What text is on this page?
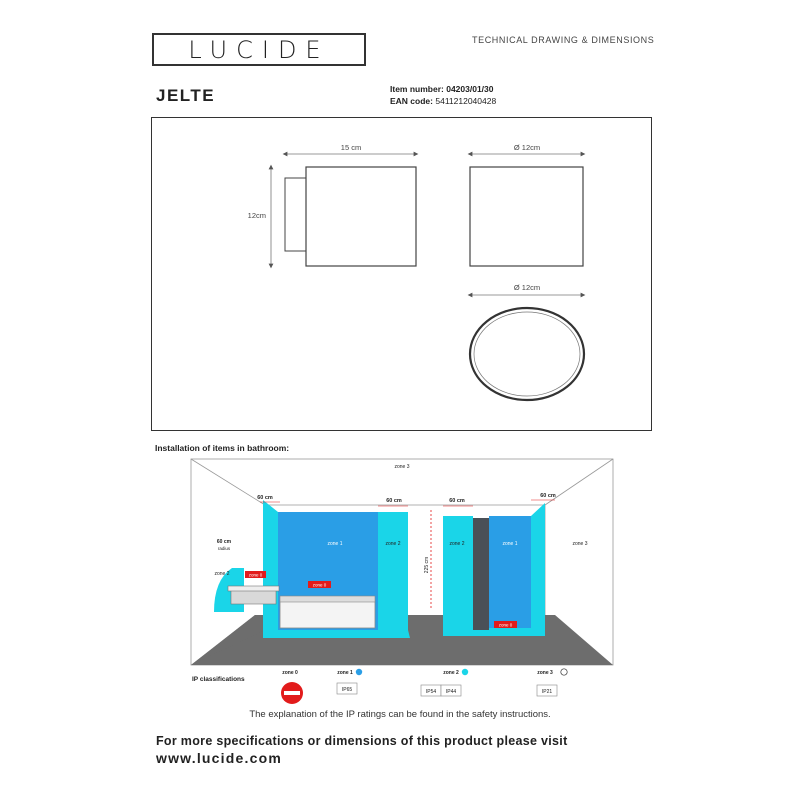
LUCIDE	TECHNICAL DRAWING & DIMENSIONS
JELTE	Item number: 04203/01/30
EAN code: 5411212040428
15 cm
12cm
Ø 12cm
Ø 12cm
Installation of items in bathroom:
225 cm
zone 3
60 cm	60 cm	60 cm
60 cm
60 cm
radius
zone 2	zone 0
zone 1	zone 2
zone 0
zone 2	zone 1	zone 3
zone 0
IP classifications
zone 0	zone 1
IP65
zone 2
IP54 IP44
zone 3
IP21
The explanation of the IP ratings can be found in the safety instructions.
For more specifications or dimensions of this product please visit
www.lucide.com
